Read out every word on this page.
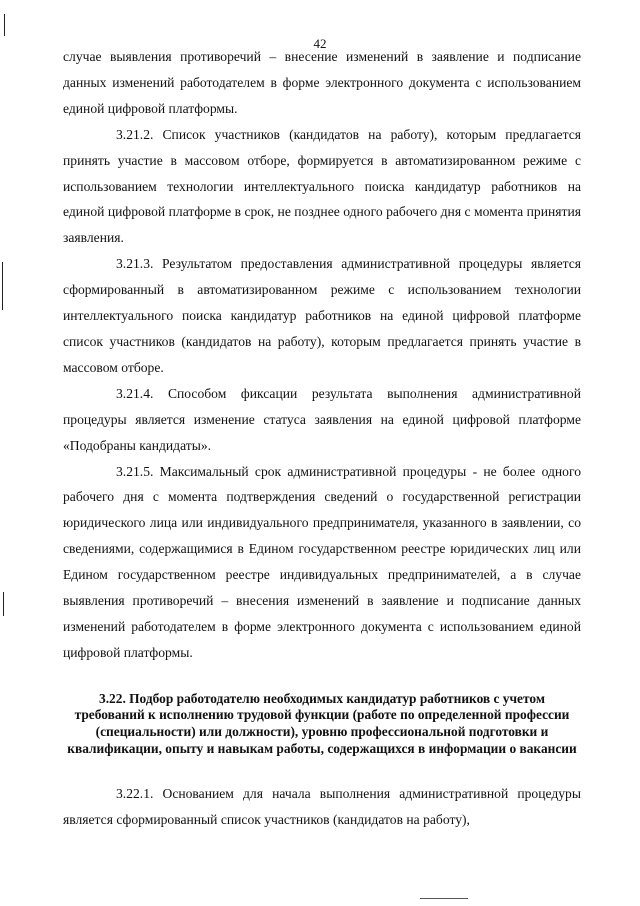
42

случае выявления противоречий – внесение изменений в заявление и подписание данных изменений работодателем в форме электронного документа с использованием единой цифровой платформы.

3.21.2. Список участников (кандидатов на работу), которым предлагается принять участие в массовом отборе, формируется в автоматизированном режиме с использованием технологии интеллектуального поиска кандидатур работников на единой цифровой платформе в срок, не позднее одного рабочего дня с момента принятия заявления.

3.21.3. Результатом предоставления административной процедуры является сформированный в автоматизированном режиме с использованием технологии интеллектуального поиска кандидатур работников на единой цифровой платформе список участников (кандидатов на работу), которым предлагается принять участие в массовом отборе.

3.21.4. Способом фиксации результата выполнения административной процедуры является изменение статуса заявления на единой цифровой платформе «Подобраны кандидаты».

3.21.5. Максимальный срок административной процедуры - не более одного рабочего дня с момента подтверждения сведений о государственной регистрации юридического лица или индивидуального предпринимателя, указанного в заявлении, со сведениями, содержащимися в Едином государственном реестре юридических лиц или Едином государственном реестре индивидуальных предпринимателей, а в случае выявления противоречий – внесения изменений в заявление и подписание данных изменений работодателем в форме электронного документа с использованием единой цифровой платформы.

3.22. Подбор работодателю необходимых кандидатур работников с учетом требований к исполнению трудовой функции (работе по определенной профессии (специальности) или должности), уровню профессиональной подготовки и квалификации, опыту и навыкам работы, содержащихся в информации о вакансии

3.22.1. Основанием для начала выполнения административной процедуры является сформированный список участников (кандидатов на работу),
